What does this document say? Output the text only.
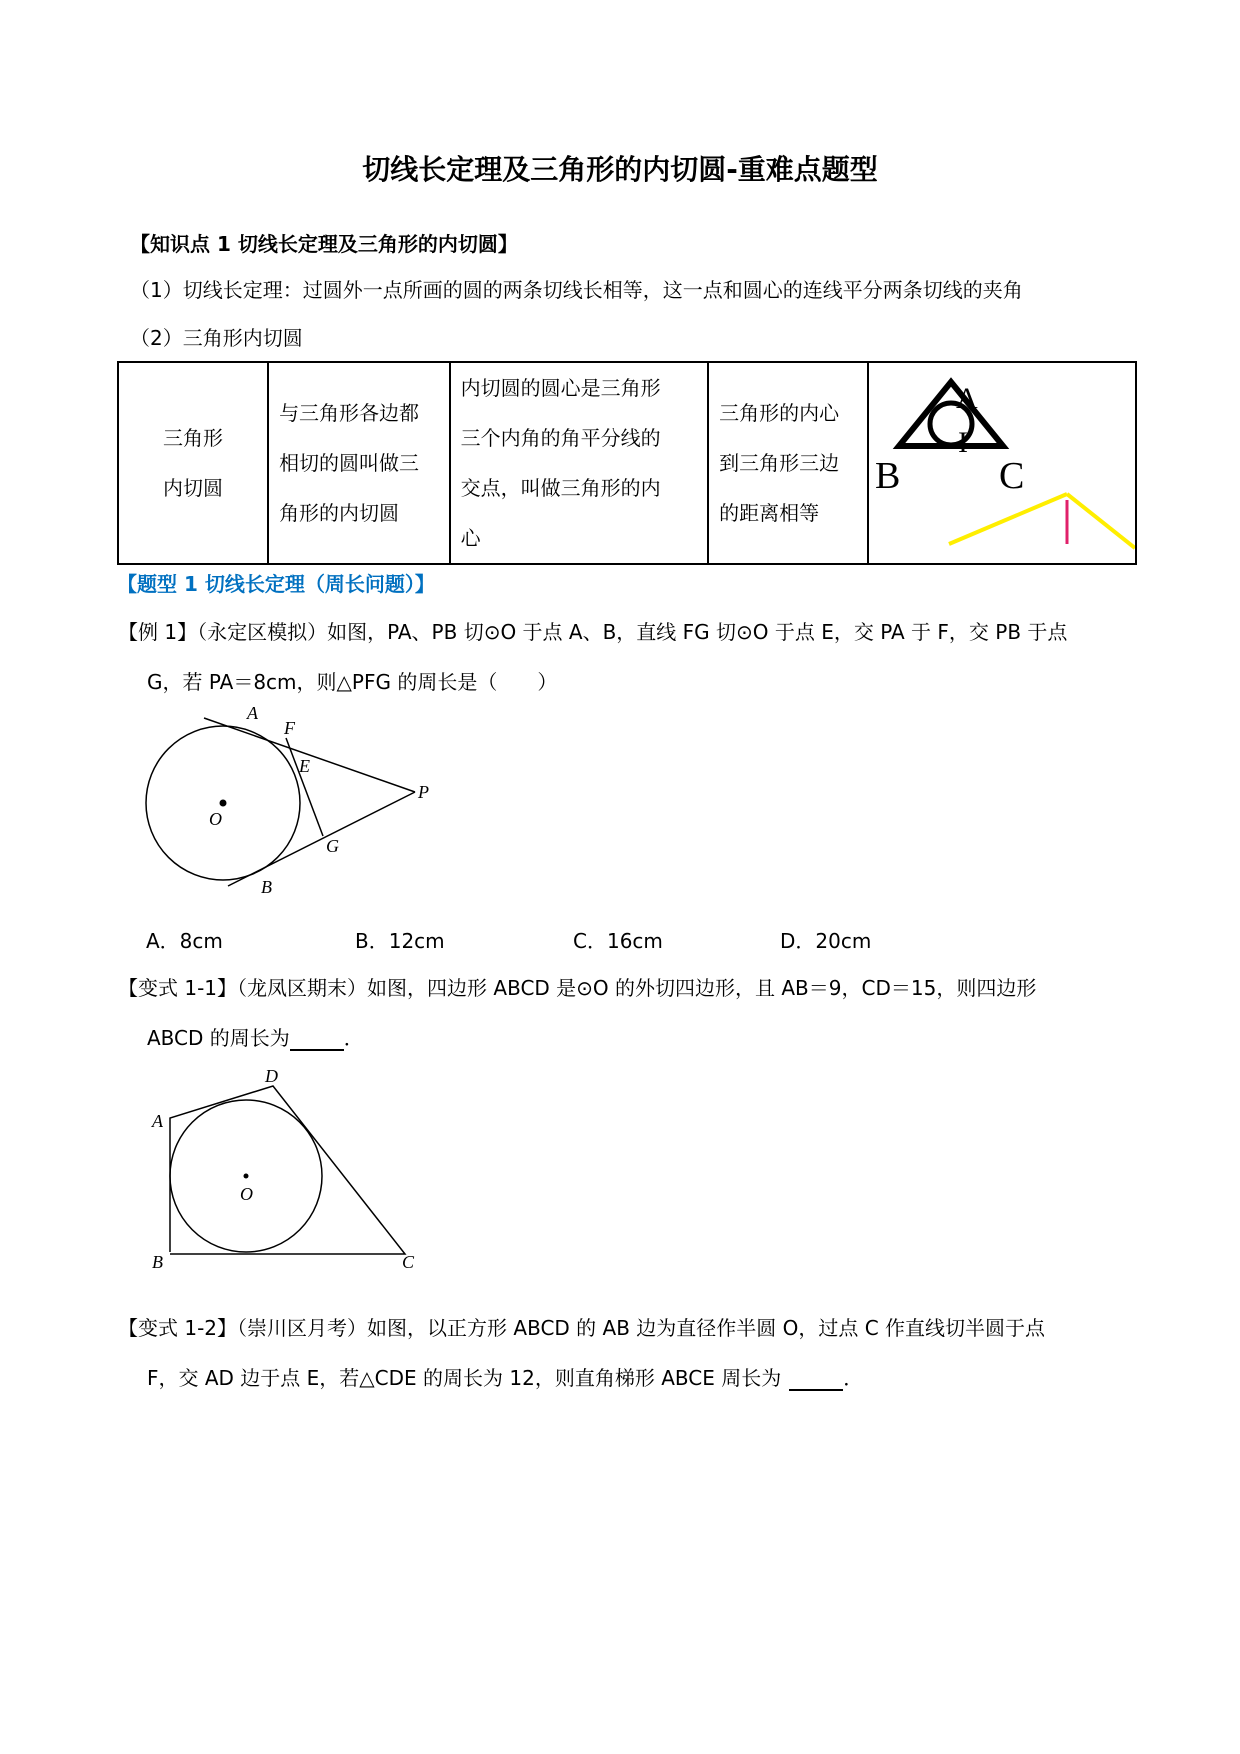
切线长定理及三角形的内切圆-重难点题型
【知识点 1 切线长定理及三角形的内切圆】
（1）切线长定理：过圆外一点所画的圆的两条切线长相等，这一点和圆心的连线平分两条切线的夹角
（2）三角形内切圆
三角形
内切圆

与三角形各边都
相切的圆叫做三
角形的内切圆

内切圆的圆心是三角形
三个内角的角平分线的
交点，叫做三角形的内
心

三角形的内心
到三角形三边
的距离相等

A
I
B	C
【题型 1 切线长定理（周长问题）】
【例 1】（永定区模拟）如图，PA、PB 切⊙O 于点 A、B，直线 FG 切⊙O 于点 E，交 PA 于 F，交 PB 于点
G，若 PA＝8cm，则△PFG 的周长是（　　）
A
F
E
P
O
G
B
A．8cm	B．12cm	C．16cm	D．20cm
【变式 1-1】（龙凤区期末）如图，四边形 ABCD 是⊙O 的外切四边形，且 AB＝9，CD＝15，则四边形
ABCD 的周长为	．
A
D
O
B	C
【变式 1-2】（崇川区月考）如图，以正方形 ABCD 的 AB 边为直径作半圆 O，过点 C 作直线切半圆于点
F，交 AD 边于点 E，若△CDE 的周长为 12，则直角梯形 ABCE 周长为	．
